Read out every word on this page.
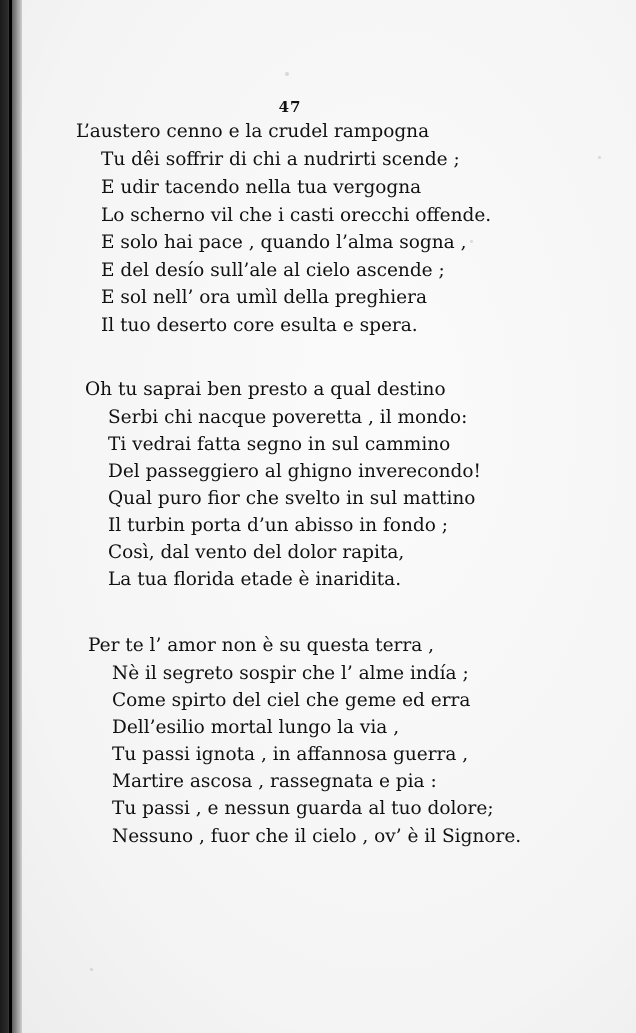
47
L’austero cenno e la crudel rampogna
Tu dêi soffrir di chi a nudrirti scende ;
E udir tacendo nella tua vergogna
Lo scherno vil che i casti orecchi offende.
E solo hai pace , quando l’alma sogna ,
E del desío sull’ale al cielo ascende ;
E sol nell’ ora umìl della preghiera
Il tuo deserto core esulta e spera.
Oh tu saprai ben presto a qual destino
Serbi chi nacque poveretta , il mondo:
Ti vedrai fatta segno in sul cammino
Del passeggiero al ghigno inverecondo!
Qual puro fior che svelto in sul mattino
Il turbin porta d’un abisso in fondo ;
Così, dal vento del dolor rapita,
La tua florida etade è inaridita.
Per te l’ amor non è su questa terra ,
Nè il segreto sospir che l’ alme indía ;
Come spirto del ciel che geme ed erra
Dell’esilio mortal lungo la via ,
Tu passi ignota , in affannosa guerra ,
Martire ascosa , rassegnata e pia :
Tu passi , e nessun guarda al tuo dolore;
Nessuno , fuor che il cielo , ov’ è il Signore.
